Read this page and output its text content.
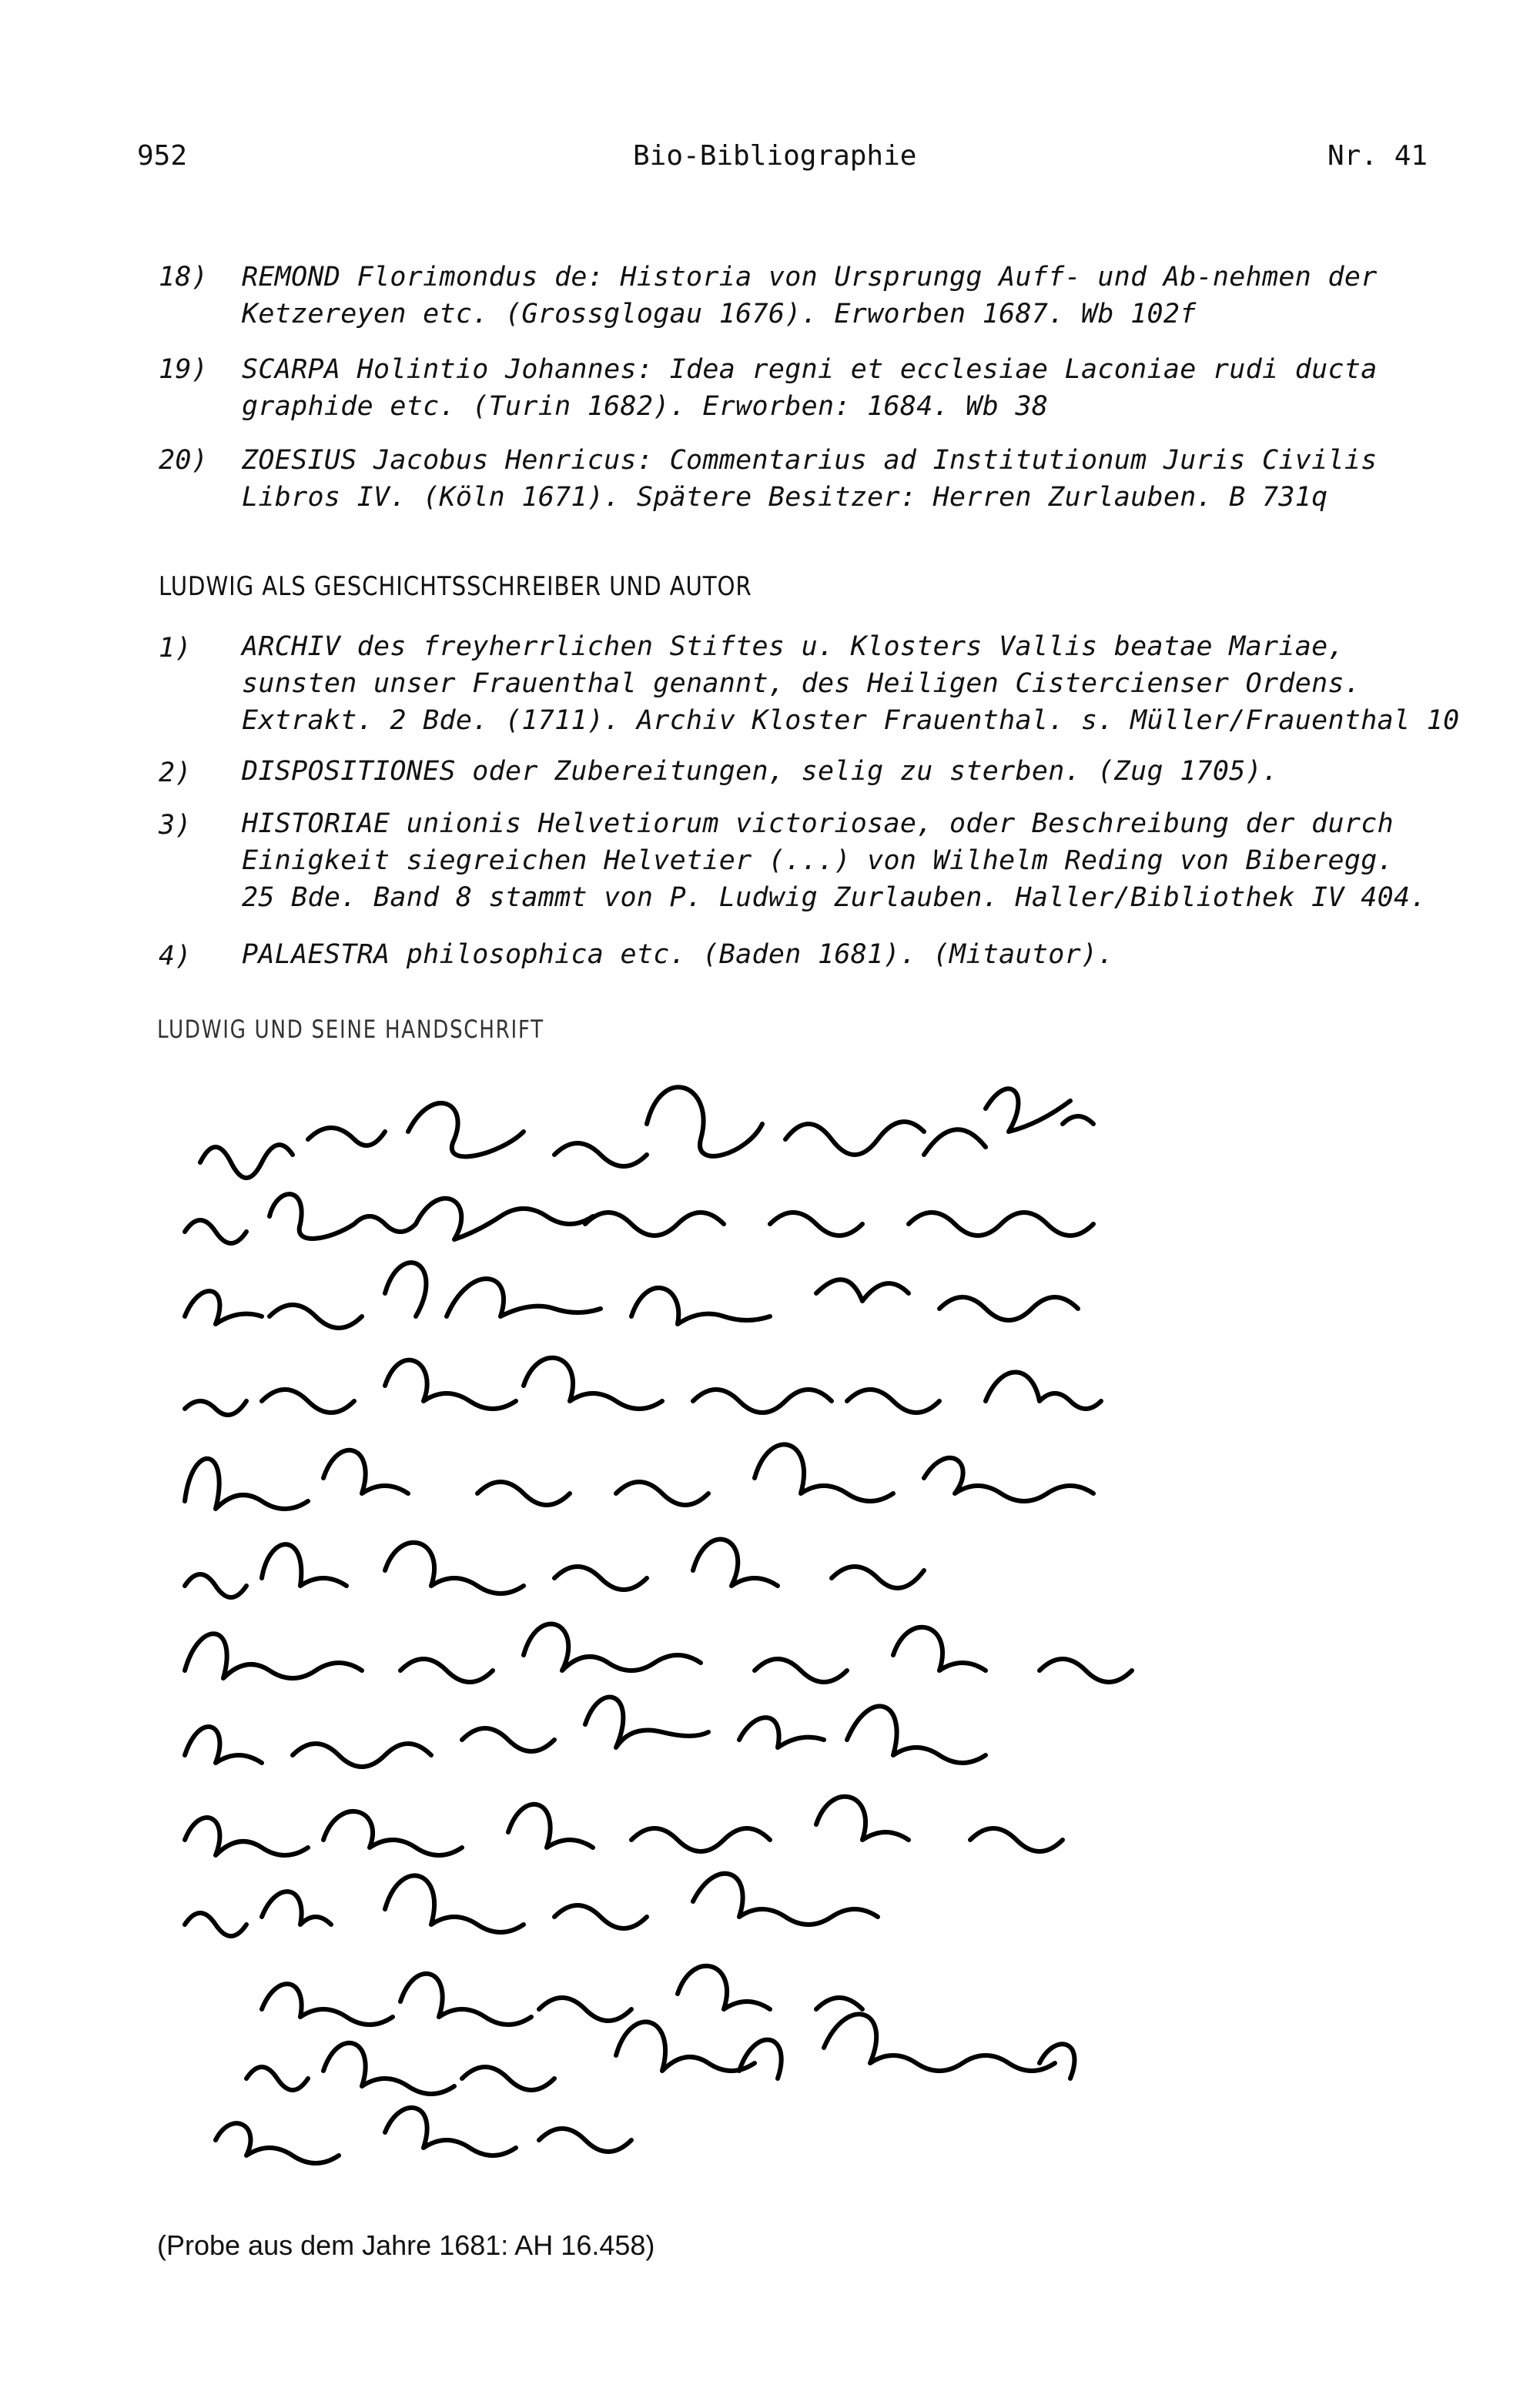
952	Bio-Bibliographie	Nr. 41
18) REMOND Florimondus de: Historia von Ursprungg Auff- und Ab-nehmen der
Ketzereyen etc. (Grossglogau 1676). Erworben 1687. Wb 102f
19) SCARPA Holintio Johannes: Idea regni et ecclesiae Laconiae rudi ducta
graphide etc. (Turin 1682). Erworben: 1684. Wb 38
20) ZOESIUS Jacobus Henricus: Commentarius ad Institutionum Juris Civilis
Libros IV. (Köln 1671). Spätere Besitzer: Herren Zurlauben. B 731q
LUDWIG ALS GESCHICHTSSCHREIBER UND AUTOR
1) ARCHIV des freyherrlichen Stiftes u. Klosters Vallis beatae Mariae,
sunsten unser Frauenthal genannt, des Heiligen Cistercienser Ordens.
Extrakt. 2 Bde. (1711). Archiv Kloster Frauenthal. s. Müller/Frauenthal 10
2) DISPOSITIONES oder Zubereitungen, selig zu sterben. (Zug 1705).
3) HISTORIAE unionis Helvetiorum victoriosae, oder Beschreibung der durch
Einigkeit siegreichen Helvetier (...) von Wilhelm Reding von Biberegg.
25 Bde. Band 8 stammt von P. Ludwig Zurlauben. Haller/Bibliothek IV 404.
4) PALAESTRA philosophica etc. (Baden 1681). (Mitautor).
LUDWIG UND SEINE HANDSCHRIFT
(Probe aus dem Jahre 1681: AH 16.458)
